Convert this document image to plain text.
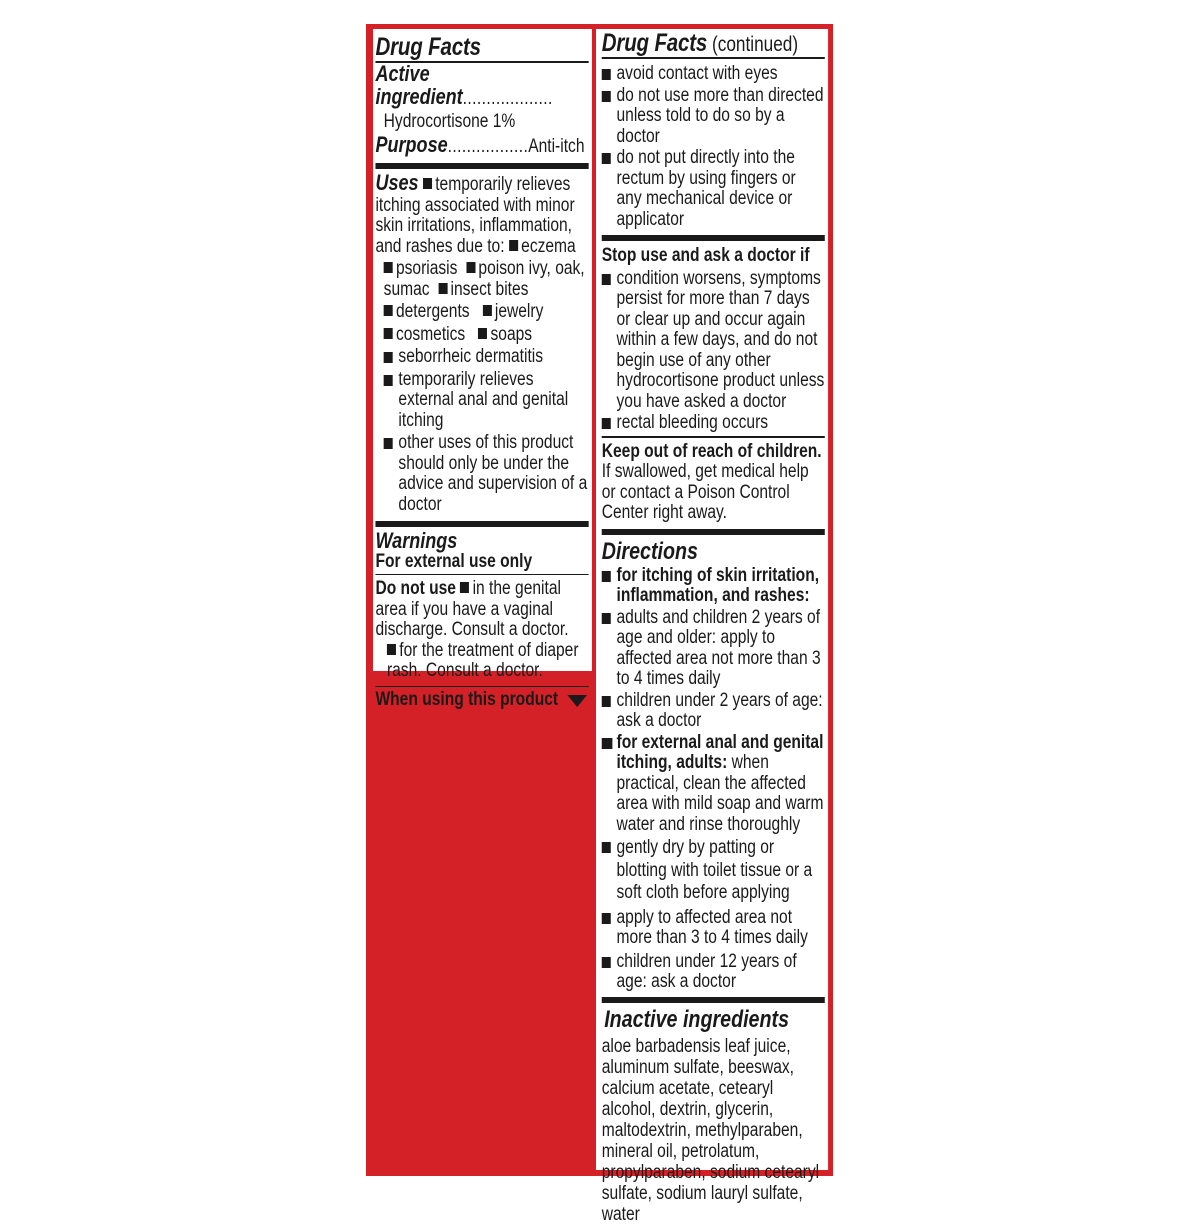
Drug Facts

Active ingredient...................

Hydrocortisone 1%

Purpose.................Anti-itch

Uses temporarily relieves itching associated with minor skin irritations, inflammation, and rashes due to: eczema

psoriasis poison ivy, oak, sumac insect bites

detergents jewelry

cosmetics soaps

seborrheic dermatitis
temporarily relieves external anal and genital itching
other uses of this product should only be under the advice and supervision of a doctor

Warnings

For external use only

Do not use in the genital area if you have a vaginal discharge. Consult a doctor.

for the treatment of diaper rash. Consult a doctor.

When using this product

Drug Facts (continued)

avoid contact with eyes
do not use more than directed unless told to do so by a doctor
do not put directly into the rectum by using fingers or any mechanical device or applicator

Stop use and ask a doctor if

condition worsens, symptoms persist for more than 7 days or clear up and occur again within a few days, and do not begin use of any other hydrocortisone product unless you have asked a doctor
rectal bleeding occurs

Keep out of reach of children. If swallowed, get medical help or contact a Poison Control Center right away.

Directions

for itching of skin irritation, inflammation, and rashes:
adults and children 2 years of age and older: apply to affected area not more than 3 to 4 times daily
children under 2 years of age: ask a doctor
for external anal and genital itching, adults: when practical, clean the affected area with mild soap and warm water and rinse thoroughly
gently dry by patting or blotting with toilet tissue or a soft cloth before applying
apply to affected area not more than 3 to 4 times daily
children under 12 years of age: ask a doctor

Inactive ingredients

aloe barbadensis leaf juice, aluminum sulfate, beeswax, calcium acetate, cetearyl alcohol, dextrin, glycerin, maltodextrin, methylparaben, mineral oil, petrolatum, propylparaben, sodium cetearyl sulfate, sodium lauryl sulfate, water
